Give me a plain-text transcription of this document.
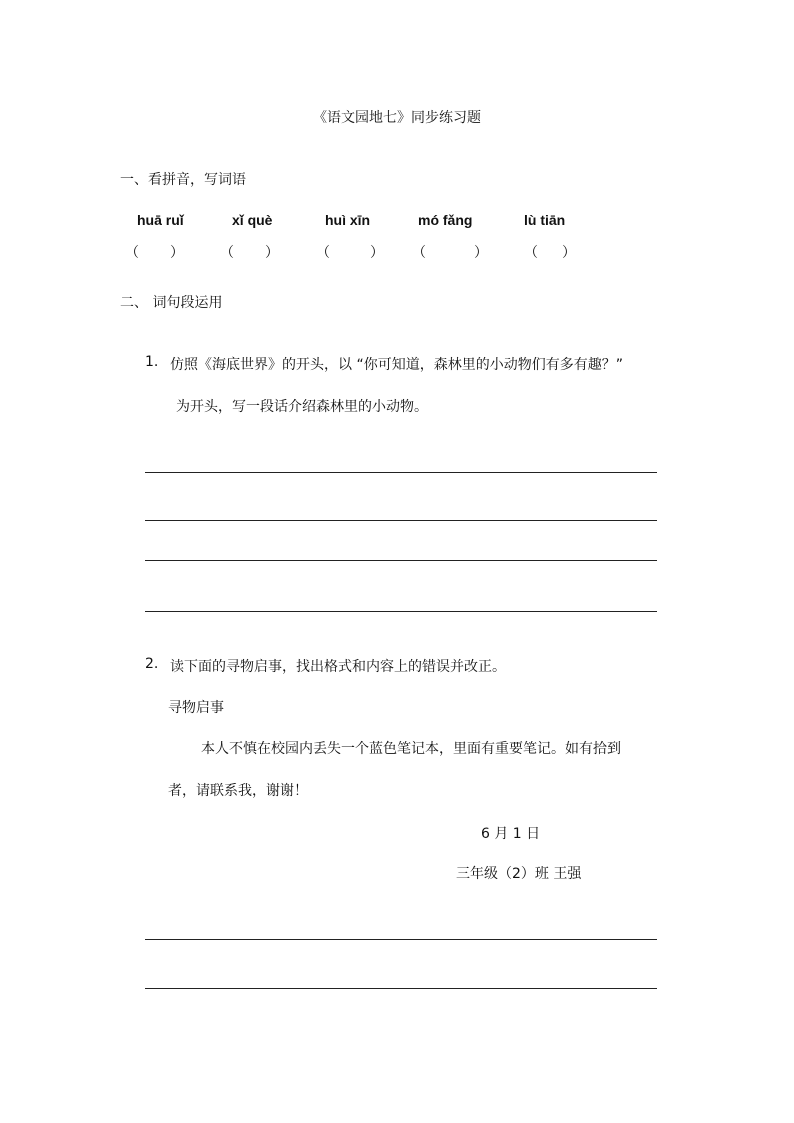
《语文园地七》同步练习题
一、看拼音，写词语
huā ruǐ	xǐ què	huì xīn	mó fǎng	lù tiān
（ ）	（ ）	（	） （	）	（ ）
二、 词句段运用
1. 仿照《海底世界》的开头，以 “你可知道，森林里的小动物们有多有趣？”
为开头，写一段话介绍森林里的小动物。
2. 读下面的寻物启事，找出格式和内容上的错误并改正。
寻物启事
本人不慎在校园内丢失一个蓝色笔记本，里面有重要笔记。如有拾到
者，请联系我，谢谢！
6 月 1 日
三年级（2）班 王强
